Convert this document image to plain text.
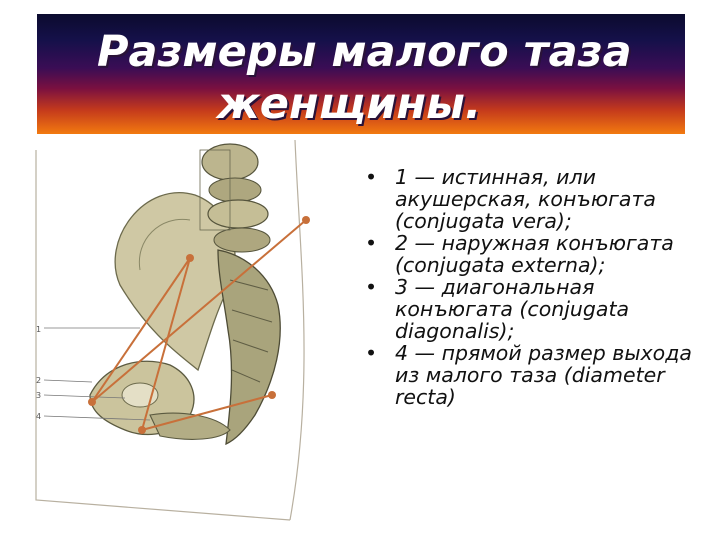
Размеры малого таза
женщины.
1
2
3
4
• 1 — истинная, или акушерская, конъюгата (conjugata vera);
• 2 — наружная конъюгата (conjugata externa);
• 3 — диагональная конъюгата (conjugata diagonalis);
• 4 — прямой размер выхода из малого таза (diameter recta)
